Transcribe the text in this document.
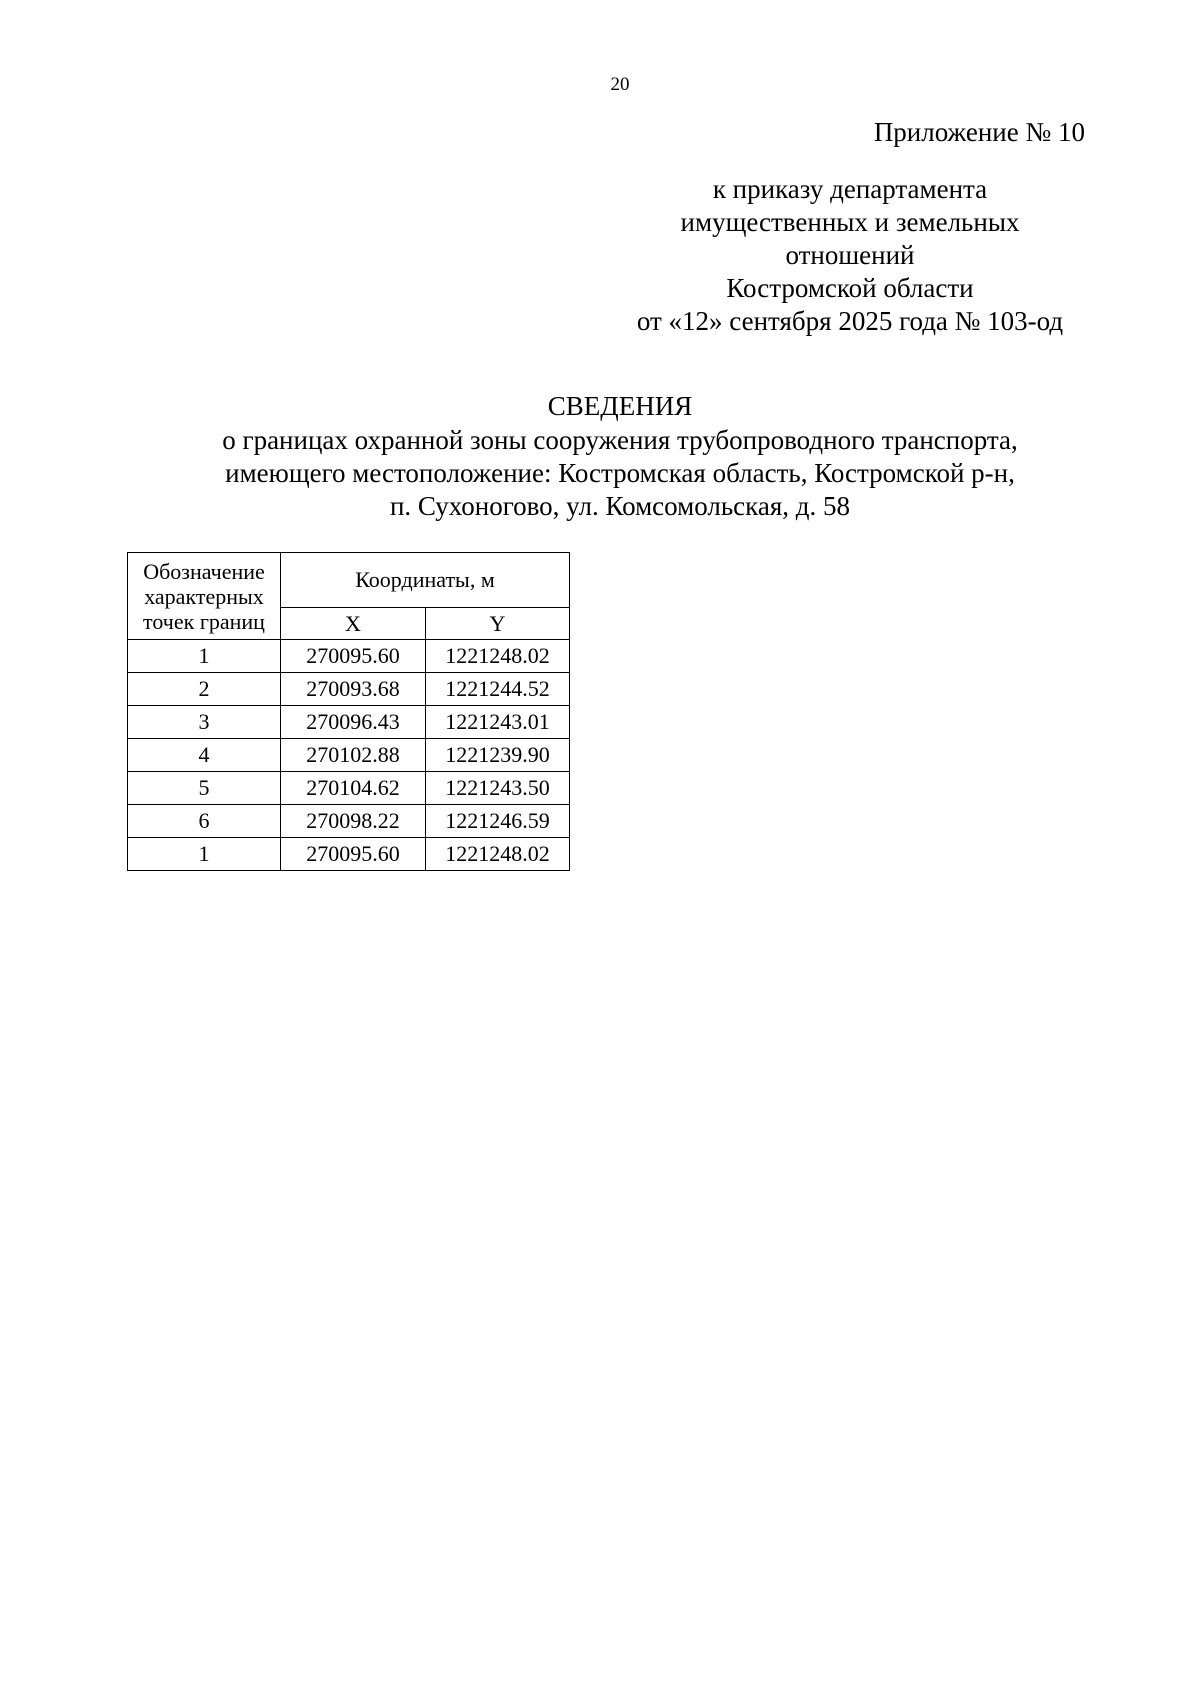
20
Приложение № 10
к приказу департамента
имущественных и земельных
отношений
Костромской области
от «12» сентября 2025 года № 103-од
СВЕДЕНИЯ
о границах охранной зоны сооружения трубопроводного транспорта,
имеющего местоположение: Костромская область, Костромской р-н,
п. Сухоногово, ул. Комсомольская, д. 58
Обозначение
характерных
точек границ	Координаты, м	
	X	Y
1	270095.60	1221248.02
2	270093.68	1221244.52
3	270096.43	1221243.01
4	270102.88	1221239.90
5	270104.62	1221243.50
6	270098.22	1221246.59
1	270095.60	1221248.02
